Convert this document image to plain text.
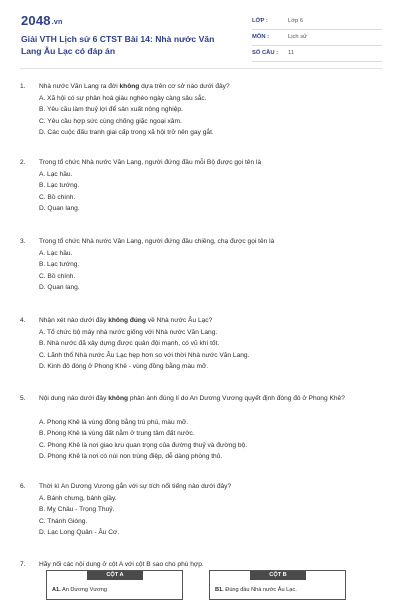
2048.vn
Giải VTH Lịch sử 6 CTST Bài 14: Nhà nước Văn Lang Âu Lạc có đáp án
LỚP :	Lớp 6
MÔN :	Lịch sử
SỐ CÂU : 11
1. Nhà nước Văn Lang ra đời không dựa trên cơ sở nào dưới đây?
A. Xã hội có sự phân hoá giàu nghèo ngày càng sâu sắc.
B. Yêu cầu làm thuỷ lợi để sản xuất nông nghiệp.
C. Yêu cầu hợp sức cùng chống giặc ngoại xâm.
D. Các cuộc đấu tranh giai cấp trong xã hội trở nên gay gắt.
2. Trong tổ chức Nhà nước Văn Lang, người đứng đầu mỗi Bộ được gọi tên là
A. Lạc hầu.
B. Lạc tướng.
C. Bồ chính.
D. Quan lang.
3. Trong tổ chức Nhà nước Văn Lang, người đứng đầu chiềng, chạ được gọi tên là
A. Lạc hầu.
B. Lạc tướng.
C. Bồ chính.
D. Quan lang.
4. Nhận xét nào dưới đây không đúng về Nhà nước Âu Lạc?
A. Tổ chức bộ máy nhà nước giống với Nhà nước Văn Lang.
B. Nhà nước đã xây dựng được quân đội mạnh, có vũ khí tốt.
C. Lãnh thổ Nhà nước Âu Lạc hẹp hơn so với thời Nhà nước Văn Lang.
D. Kinh đô đóng ở Phong Khê - vùng đồng bằng màu mỡ.
5. Nội dung nào dưới đây không phản ánh đúng lí do An Dương Vương quyết định đóng đô ở Phong Khê?
A. Phong Khê là vùng đồng bằng trù phú, màu mỡ.
B. Phong Khê là vùng đất nằm ở trung tâm đất nước.
C. Phong Khê là nơi giao lưu quan trọng của đường thuỷ và đường bộ.
D. Phong Khê là nơi có núi non trùng điệp, dễ dàng phòng thủ.
6. Thời kì An Dương Vương gắn với sự tích nổi tiếng nào dưới đây?
A. Bánh chưng, bánh giầy.
B. Mỵ Châu - Trọng Thuỷ.
C. Thánh Gióng.
D. Lạc Long Quân - Âu Cơ.
7. Hãy nối các nội dung ở cột A với cột B sao cho phù hợp.
CỘT A
A1. An Dương Vương
CỘT B
B1. Đúng đầu Nhà nước Âu Lạc.
